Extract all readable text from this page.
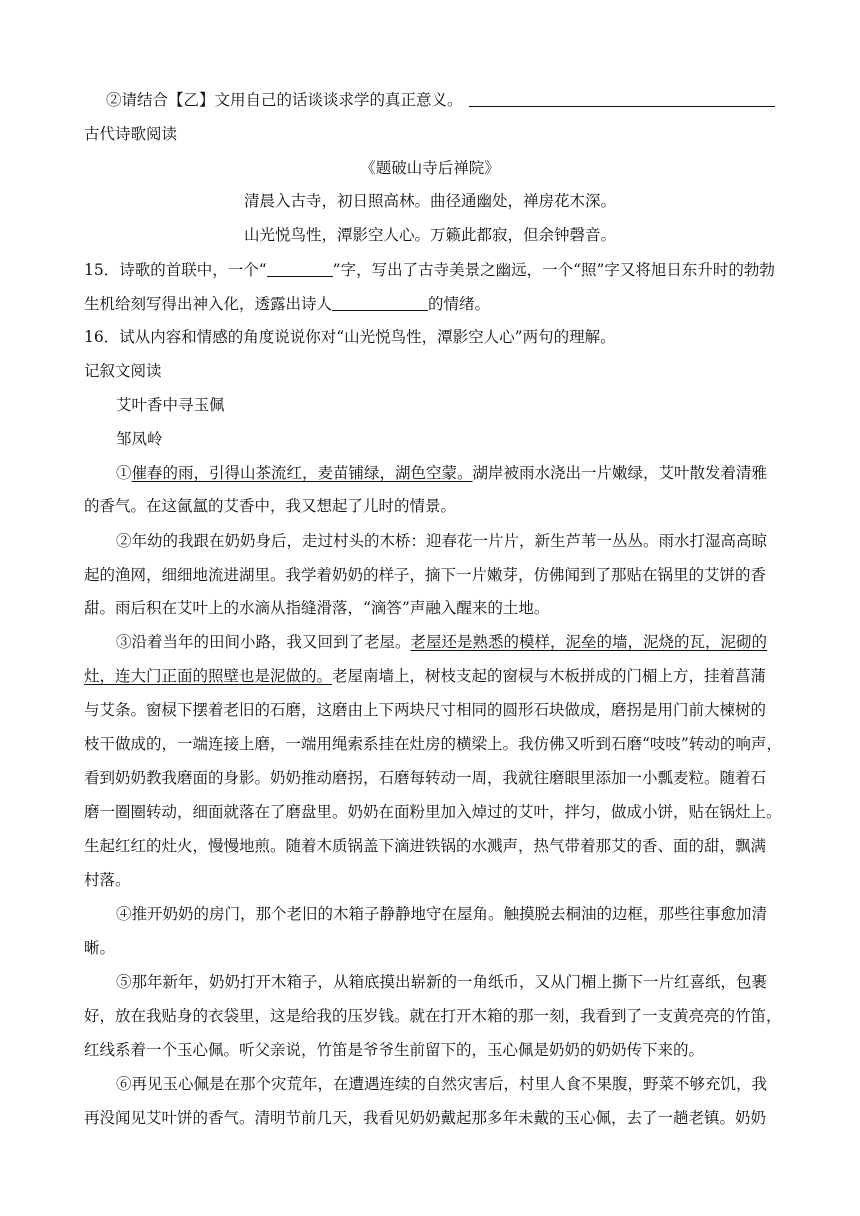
②请结合【乙】文用自己的话谈谈求学的真正意义。
古代诗歌阅读
《题破山寺后禅院》
清晨入古寺，初日照高林。曲径通幽处，禅房花木深。
山光悦鸟性，潭影空人心。万籁此都寂，但余钟磬音。
15．诗歌的首联中，一个“	”字，写出了古寺美景之幽远，一个“照”字又将旭日东升时的勃勃
生机给刻写得出神入化，透露出诗人	的情绪。
16．试从内容和情感的角度说说你对“山光悦鸟性，潭影空人心”两句的理解。
记叙文阅读
艾叶香中寻玉佩
邹凤岭
①催春的雨，引得山茶流红，麦苗铺绿，湖色空蒙。湖岸被雨水浇出一片嫩绿，艾叶散发着清雅
的香气。在这氤氲的艾香中，我又想起了儿时的情景。
②年幼的我跟在奶奶身后，走过村头的木桥：迎春花一片片，新生芦苇一丛丛。雨水打湿高高晾
起的渔网，细细地流进湖里。我学着奶奶的样子，摘下一片嫩芽，仿佛闻到了那贴在锅里的艾饼的香
甜。雨后积在艾叶上的水滴从指缝滑落，“滴答”声融入醒来的土地。
③沿着当年的田间小路，我又回到了老屋。老屋还是熟悉的模样，泥垒的墙，泥烧的瓦，泥砌的
灶，连大门正面的照壁也是泥做的。老屋南墙上，树枝支起的窗棂与木板拼成的门楣上方，挂着菖蒲
与艾条。窗棂下摆着老旧的石磨，这磨由上下两块尺寸相同的圆形石块做成，磨拐是用门前大楝树的
枝干做成的，一端连接上磨，一端用绳索系挂在灶房的横梁上。我仿佛又听到石磨“吱吱”转动的响声，
看到奶奶教我磨面的身影。奶奶推动磨拐，石磨每转动一周，我就往磨眼里添加一小瓢麦粒。随着石
磨一圈圈转动，细面就落在了磨盘里。奶奶在面粉里加入焯过的艾叶，拌匀，做成小饼，贴在锅灶上。
生起红红的灶火，慢慢地煎。随着木质锅盖下滴进铁锅的水溅声，热气带着那艾的香、面的甜，飘满
村落。
④推开奶奶的房门，那个老旧的木箱子静静地守在屋角。触摸脱去桐油的边框，那些往事愈加清
晰。
⑤那年新年，奶奶打开木箱子，从箱底摸出崭新的一角纸币，又从门楣上撕下一片红喜纸，包裹
好，放在我贴身的衣袋里，这是给我的压岁钱。就在打开木箱的那一刻，我看到了一支黄亮亮的竹笛，
红线系着一个玉心佩。听父亲说，竹笛是爷爷生前留下的，玉心佩是奶奶的奶奶传下来的。
⑥再见玉心佩是在那个灾荒年，在遭遇连续的自然灾害后，村里人食不果腹，野菜不够充饥，我
再没闻见艾叶饼的香气。清明节前几天，我看见奶奶戴起那多年未戴的玉心佩，去了一趟老镇。奶奶
